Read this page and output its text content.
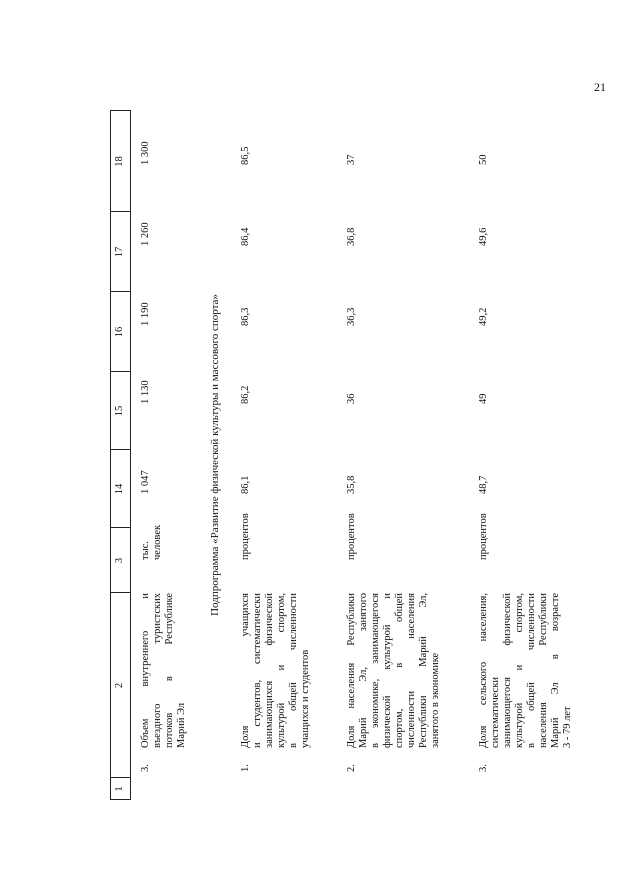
21
1
2
3
14
15
16
17
18
3.
Объем внутреннего и въездного туристских потоков в Республике Марий Эл
тыс. человек
1 047
1 130
1 190
1 260
1 300
Подпрограмма «Развитие физической культуры и массового спорта»
1.
Доля учащихся и студентов, систематически занимающихся физической культурой и спортом, в общей численности учащихся и студентов
процентов
86,1
86,2
86,3
86,4
86,5
2.
Доля населения Республики Марий Эл, занятого в экономике, занимающегося физической культурой и спортом, в общей численности населения Республики Марий Эл, занятого в экономике
процентов
35,8
36
36,3
36,8
37
3.
Доля сельского населения, систематически занимающегося физической культурой и спортом, в общей численности населения Республики Марий Эл в возрасте 3 - 79 лет
процентов
48,7
49
49,2
49,6
50
